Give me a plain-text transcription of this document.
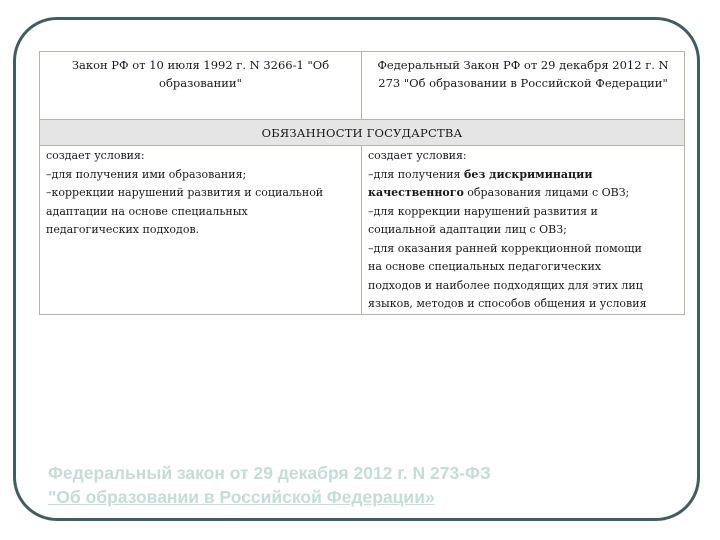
Закон РФ от 10 июля 1992 г. N 3266-1 "Об образовании"
Федеральный Закон РФ от 29 декабря 2012 г. N 273 "Об образовании в Российской Федерации"
ОБЯЗАННОСТИ ГОСУДАРСТВА
создает условия:
–для получения ими образования;
–коррекции нарушений развития и социальной
адаптации на основе специальных
педагогических подходов.
создает условия:
–для получения без дискриминации
качественного образования лицами с ОВЗ;
–для коррекции нарушений развития и
социальной адаптации лиц с ОВЗ;
–для оказания ранней коррекционной помощи
на основе специальных педагогических
подходов и наиболее подходящих для этих лиц
языков, методов и способов общения и условия
Федеральный закон от 29 декабря 2012 г. N 273-ФЗ
"Об образовании в Российской Федерации»
